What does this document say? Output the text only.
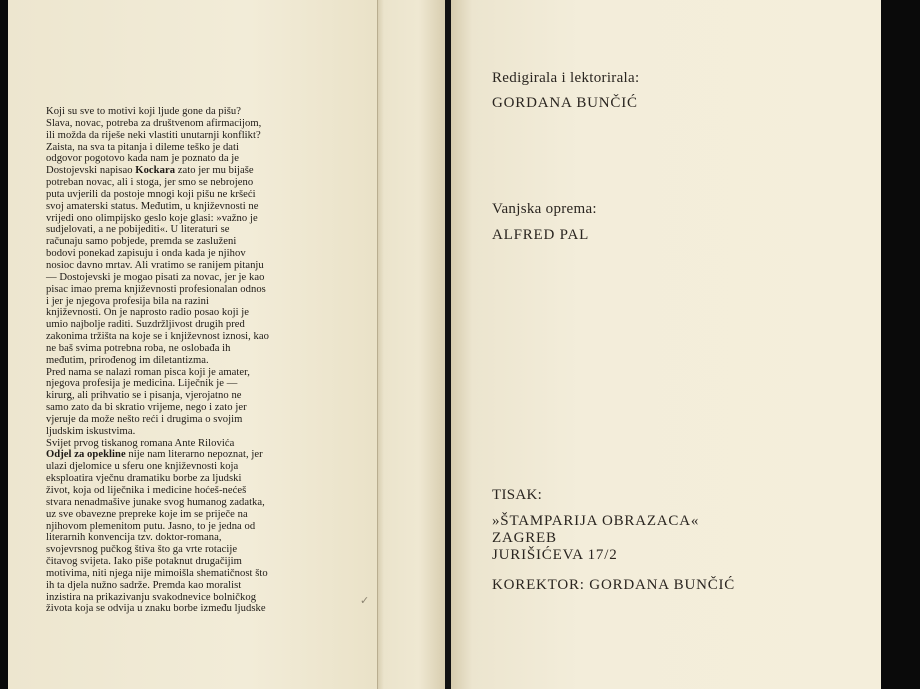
Koji su sve to motivi koji ljude gone da pišu?
Slava, novac, potreba za društvenom afirmacijom,
ili možda da riješe neki vlastiti unutarnji konflikt?
Zaista, na sva ta pitanja i dileme teško je dati
odgovor pogotovo kada nam je poznato da je
Dostojevski napisao Kockara zato jer mu bijaše
potreban novac, ali i stoga, jer smo se nebrojeno
puta uvjerili da postoje mnogi koji pišu ne kršeći
svoj amaterski status. Međutim, u književnosti ne
vrijedi ono olimpijsko geslo koje glasi: »važno je
sudjelovati, a ne pobijediti«. U literaturi se
računaju samo pobjede, premda se zasluženi
bodovi ponekad zapisuju i onda kada je njihov
nosioc davno mrtav. Ali vratimo se ranijem pitanju
— Dostojevski je mogao pisati za novac, jer je kao
pisac imao prema književnosti profesionalan odnos
i jer je njegova profesija bila na razini
književnosti. On je naprosto radio posao koji je
umio najbolje raditi. Suzdržljivost drugih pred
zakonima tržišta na koje se i književnost iznosi, kao
ne baš svima potrebna roba, ne oslobađa ih
međutim, prirođenog im diletantizma.

Pred nama se nalazi roman pisca koji je amater,
njegova profesija je medicina. Liječnik je —
kirurg, ali prihvatio se i pisanja, vjerojatno ne
samo zato da bi skratio vrijeme, nego i zato jer
vjeruje da može nešto reći i drugima o svojim
ljudskim iskustvima.

Svijet prvog tiskanog romana Ante Rilovića
Odjel za opekline nije nam literarno nepoznat, jer
ulazi djelomice u sferu one književnosti koja
eksploatira vječnu dramatiku borbe za ljudski
život, koja od liječnika i medicine hoćeš-nećeš
stvara nenadmašive junake svog humanog zadatka,
uz sve obavezne prepreke koje im se priječe na
njihovom plemenitom putu. Jasno, to je jedna od
literarnih konvencija tzv. doktor-romana,
svojevrsnog pučkog štiva što ga vrte rotacije
čitavog svijeta. Iako piše potaknut drugačijim
motivima, niti njega nije mimoišla shematičnost što
ih ta djela nužno sadrže. Premda kao moralist
inzistira na prikazivanju svakodnevice bolničkog
života koja se odvija u znaku borbe između ljudske

✓
Redigirala i lektorirala:
GORDANA BUNČIĆ
Vanjska oprema:
ALFRED PAL
TISAK:
»ŠTAMPARIJA OBRAZACA«
ZAGREB
JURIŠIĆEVA 17/2
KOREKTOR: GORDANA BUNČIĆ
